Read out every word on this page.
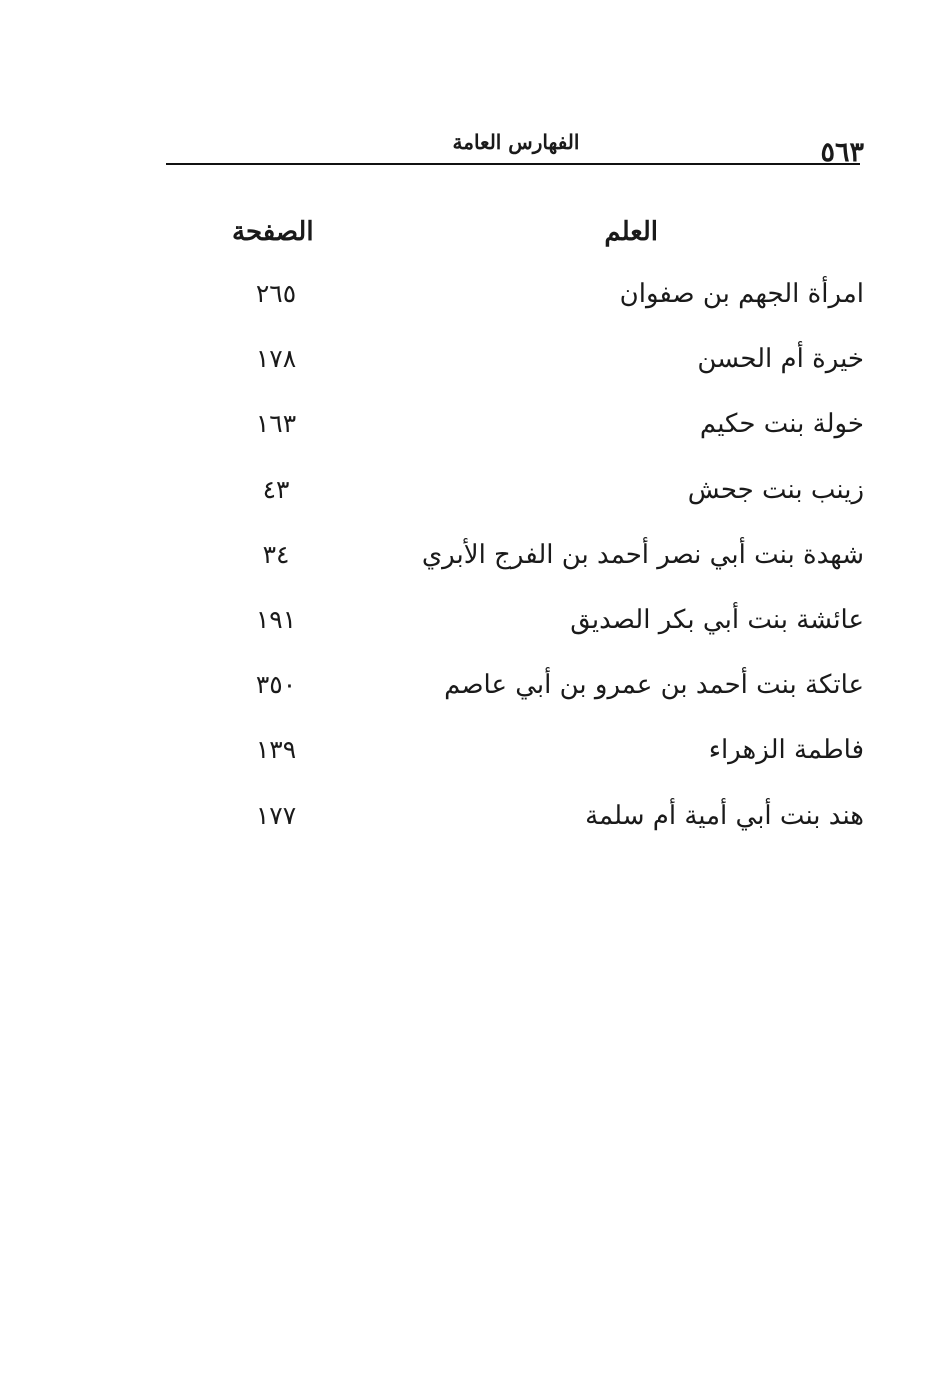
٥٦٣
الفهارس العامة
العلم
الصفحة
امرأة الجهم بن صفوان
٢٦٥
خيرة أم الحسن
١٧٨
خولة بنت حكيم
١٦٣
زينب بنت جحش
٤٣
شهدة بنت أبي نصر أحمد بن الفرج الأبري
٣٤
عائشة بنت أبي بكر الصديق
١٩١
عاتكة بنت أحمد بن عمرو بن أبي عاصم
٣٥٠
فاطمة الزهراء
١٣٩
هند بنت أبي أمية أم سلمة
١٧٧
